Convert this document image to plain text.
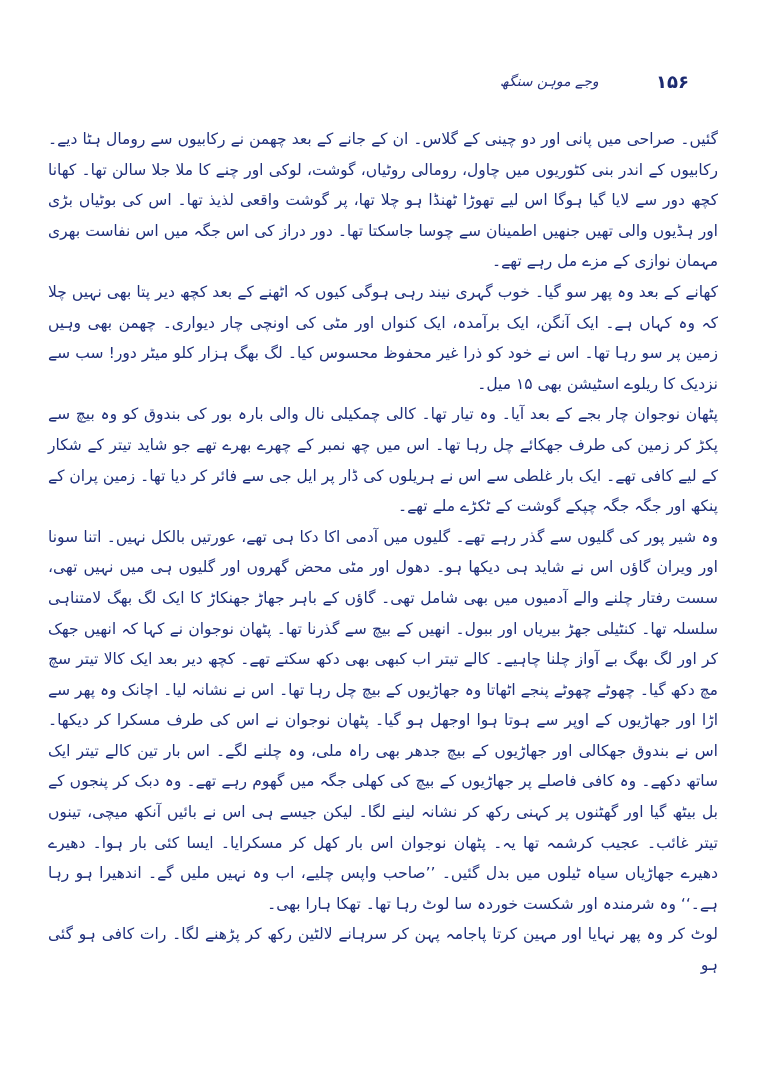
۱۵۶
وجے موہن سنگھ

گئیں۔ صراحی میں پانی اور دو چینی کے گلاس۔ ان کے جانے کے بعد چھمن نے رکابیوں سے رومال ہٹا دیے۔ رکابیوں کے اندر بنی کٹوریوں میں چاول، رومالی روٹیاں، گوشت، لوکی اور چنے کا ملا جلا سالن تھا۔ کھانا کچھ دور سے لایا گیا ہوگا اس لیے تھوڑا ٹھنڈا ہو چلا تھا، پر گوشت واقعی لذیذ تھا۔ اس کی بوٹیاں بڑی اور ہڈیوں والی تھیں جنھیں اطمینان سے چوسا جاسکتا تھا۔ دور دراز کی اس جگہ میں اس نفاست بھری مہمان نوازی کے مزے مل رہے تھے۔

کھانے کے بعد وہ پھر سو گیا۔ خوب گہری نیند رہی ہوگی کیوں کہ اٹھنے کے بعد کچھ دیر پتا بھی نہیں چلا کہ وہ کہاں ہے۔ ایک آنگن، ایک برآمدہ، ایک کنواں اور مٹی کی اونچی چار دیواری۔ چھمن بھی وہیں زمین پر سو رہا تھا۔ اس نے خود کو ذرا غیر محفوظ محسوس کیا۔ لگ بھگ ہزار کلو میٹر دور! سب سے نزدیک کا ریلوے اسٹیشن بھی ۱۵ میل۔

پٹھان نوجوان چار بجے کے بعد آیا۔ وہ تیار تھا۔ کالی چمکیلی نال والی بارہ بور کی بندوق کو وہ بیچ سے پکڑ کر زمین کی طرف جھکائے چل رہا تھا۔ اس میں چھ نمبر کے چھرے بھرے تھے جو شاید تیتر کے شکار کے لیے کافی تھے۔ ایک بار غلطی سے اس نے ہریلوں کی ڈار پر ایل جی سے فائر کر دیا تھا۔ زمین پران کے پنکھ اور جگہ جگہ چپکے گوشت کے ٹکڑے ملے تھے۔

وہ شیر پور کی گلیوں سے گذر رہے تھے۔ گلیوں میں آدمی اکا دکا ہی تھے، عورتیں بالکل نہیں۔ اتنا سونا اور ویران گاؤں اس نے شاید ہی دیکھا ہو۔ دھول اور مٹی محض گھروں اور گلیوں ہی میں نہیں تھی، سست رفتار چلنے والے آدمیوں میں بھی شامل تھی۔ گاؤں کے باہر جھاڑ جھنکاڑ کا ایک لگ بھگ لامتناہی سلسلہ تھا۔ کنٹیلی جھڑ بیریاں اور ببول۔ انھیں کے بیچ سے گذرنا تھا۔ پٹھان نوجوان نے کہا کہ انھیں جھک کر اور لگ بھگ بے آواز چلنا چاہیے۔ کالے تیتر اب کبھی بھی دکھ سکتے تھے۔ کچھ دیر بعد ایک کالا تیتر سچ مچ دکھ گیا۔ چھوٹے چھوٹے پنجے اٹھاتا وہ جھاڑیوں کے بیچ چل رہا تھا۔ اس نے نشانہ لیا۔ اچانک وہ پھر سے اڑا اور جھاڑیوں کے اوپر سے ہوتا ہوا اوجھل ہو گیا۔ پٹھان نوجوان نے اس کی طرف مسکرا کر دیکھا۔ اس نے بندوق جھکالی اور جھاڑیوں کے بیچ جدھر بھی راہ ملی، وہ چلنے لگے۔ اس بار تین کالے تیتر ایک ساتھ دکھے۔ وہ کافی فاصلے پر جھاڑیوں کے بیچ کی کھلی جگہ میں گھوم رہے تھے۔ وہ دبک کر پنجوں کے بل بیٹھ گیا اور گھٹنوں پر کہنی رکھ کر نشانہ لینے لگا۔ لیکن جیسے ہی اس نے بائیں آنکھ میچی، تینوں تیتر غائب۔ عجیب کرشمہ تھا یہ۔ پٹھان نوجوان اس بار کھل کر مسکرایا۔ ایسا کئی بار ہوا۔ دھیرے دھیرے جھاڑیاں سیاہ ٹیلوں میں بدل گئیں۔ ’’صاحب واپس چلیے، اب وہ نہیں ملیں گے۔ اندھیرا ہو رہا ہے۔‘‘ وہ شرمندہ اور شکست خوردہ سا لوٹ رہا تھا۔ تھکا ہارا بھی۔

لوٹ کر وہ پھر نہایا اور مہین کرتا پاجامہ پہن کر سرہانے لالٹین رکھ کر پڑھنے لگا۔ رات کافی ہو گئی ہو
